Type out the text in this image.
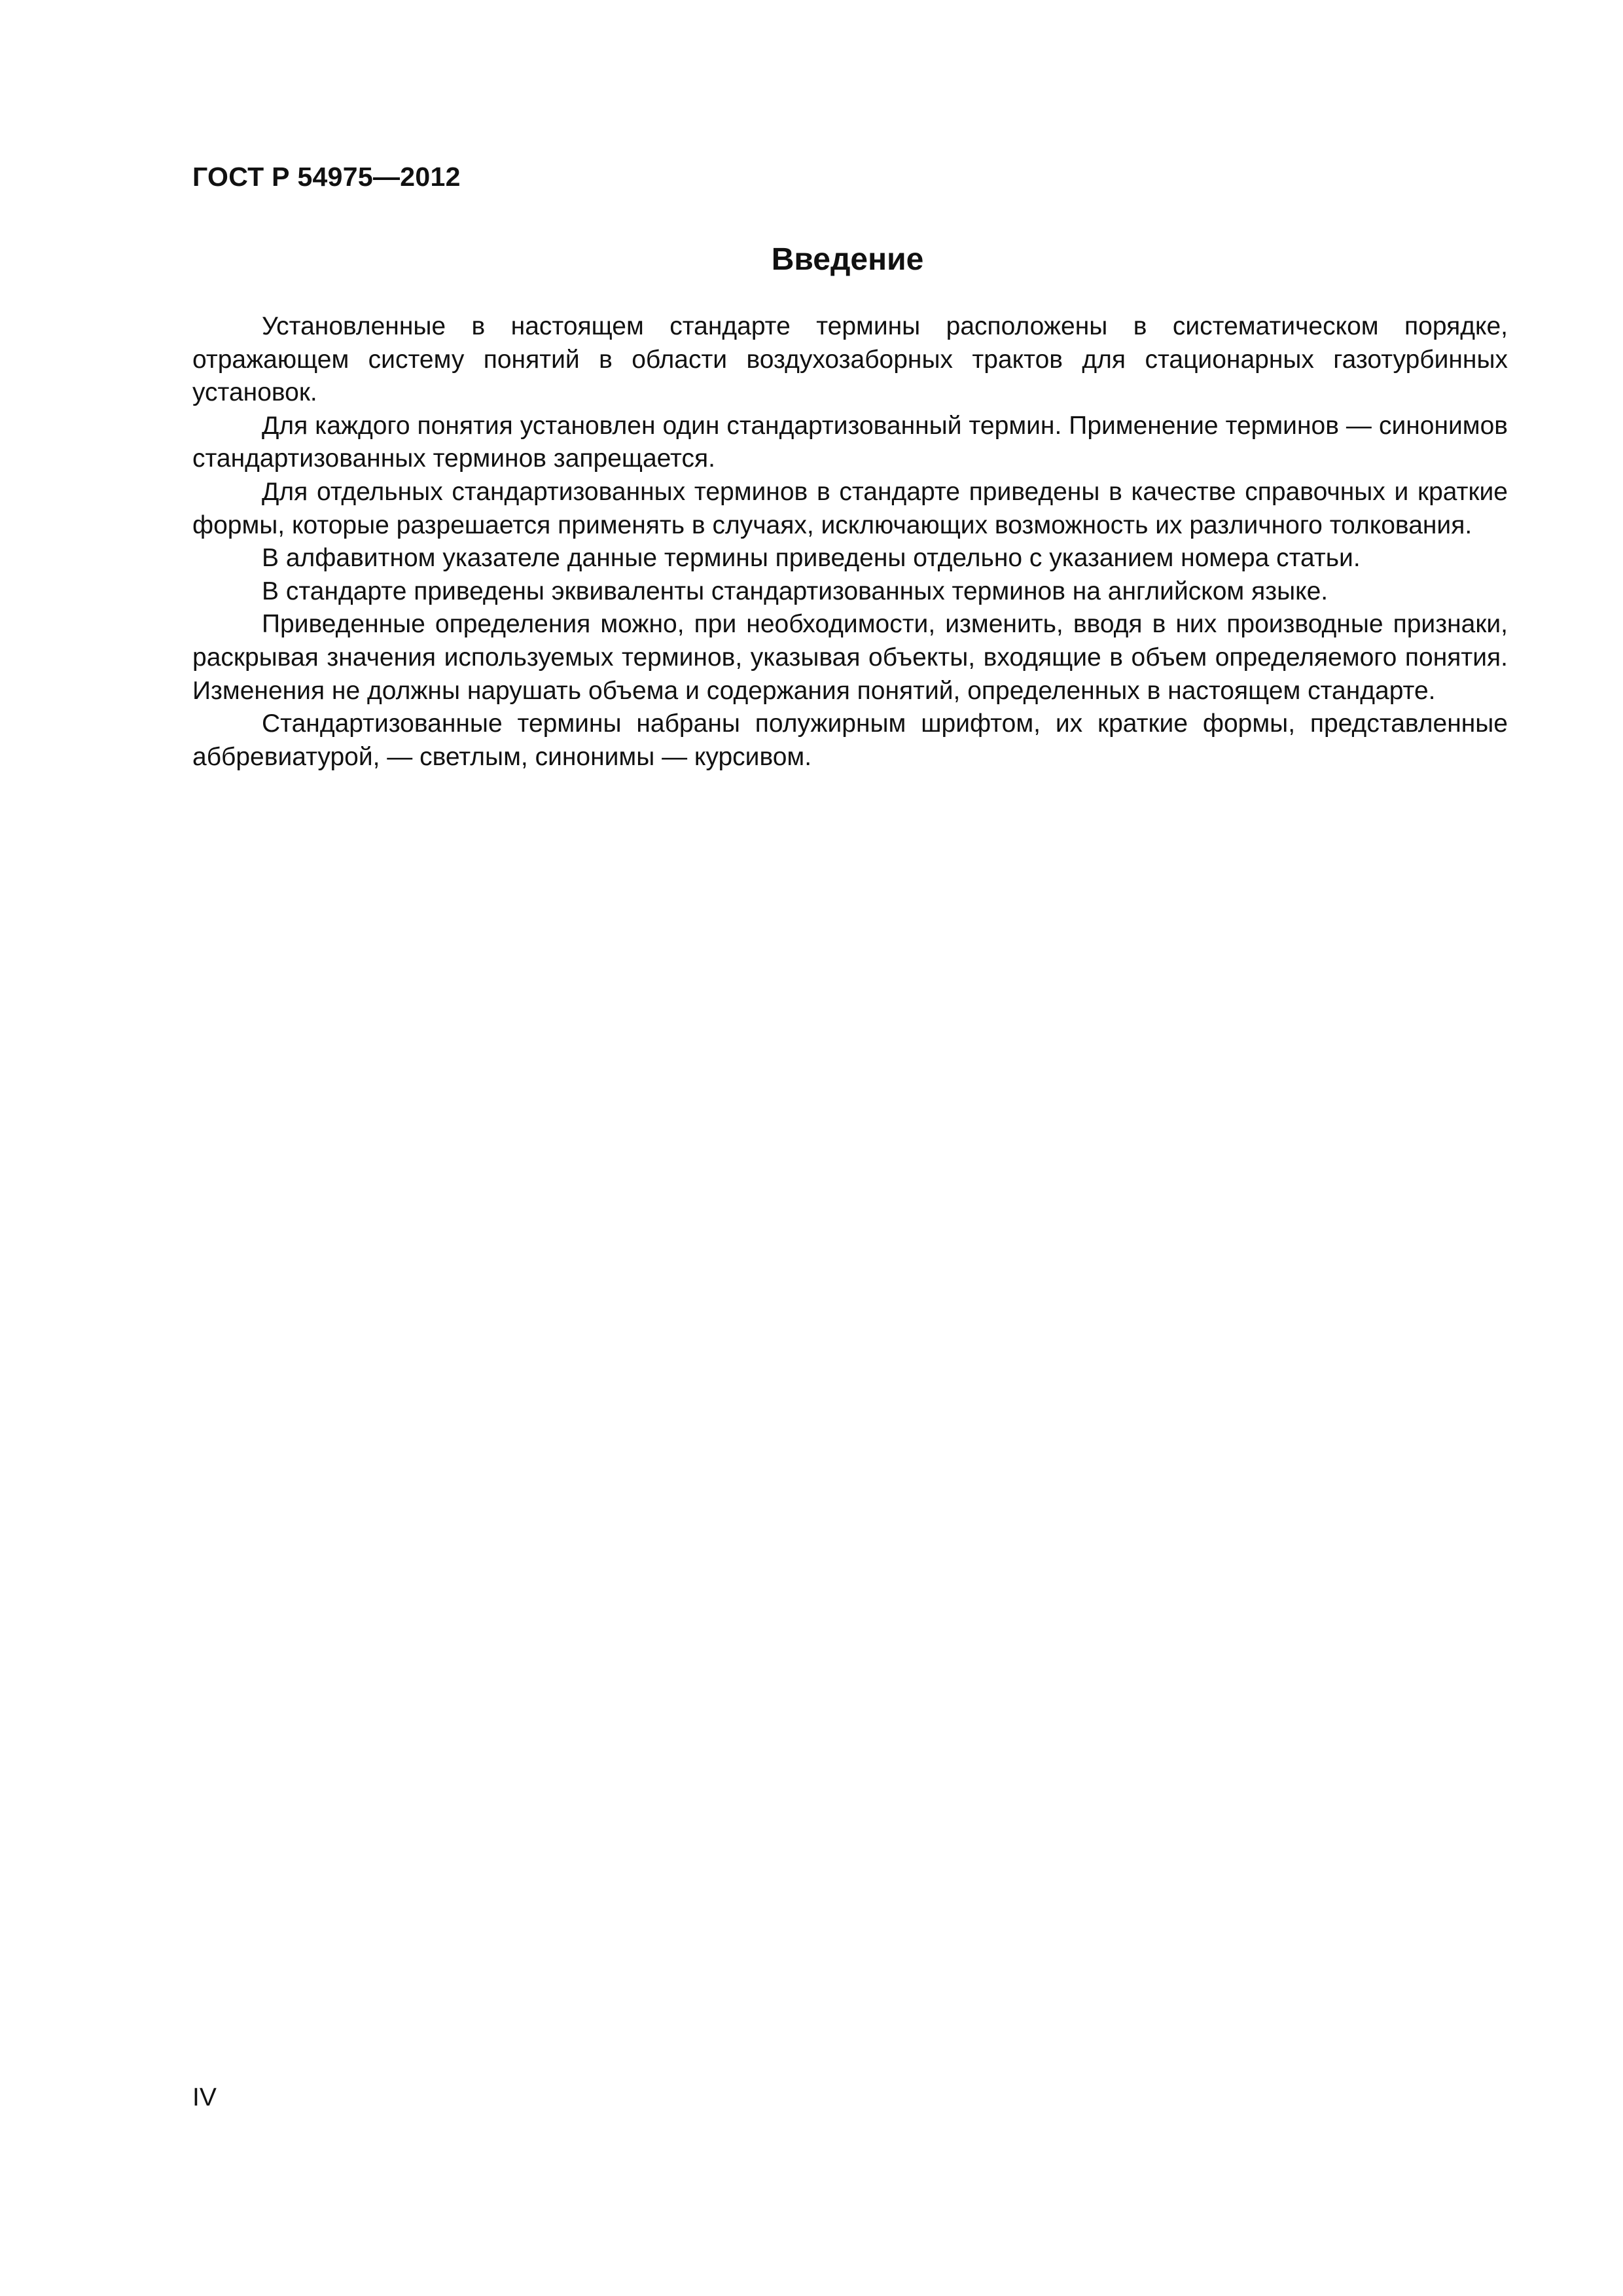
ГОСТ Р 54975—2012
Введение

Установленные в настоящем стандарте термины расположены в систематическом порядке, отражающем систему понятий в области воздухозаборных трактов для стационарных газотурбинных установок.

Для каждого понятия установлен один стандартизованный термин. Применение терминов — синонимов стандартизованных терминов запрещается.

Для отдельных стандартизованных терминов в стандарте приведены в качестве справочных и краткие формы, которые разрешается применять в случаях, исключающих возможность их различного толкования.

В алфавитном указателе данные термины приведены отдельно с указанием номера статьи.

В стандарте приведены эквиваленты стандартизованных терминов на английском языке.

Приведенные определения можно, при необходимости, изменить, вводя в них производные признаки, раскрывая значения используемых терминов, указывая объекты, входящие в объем определяемого понятия. Изменения не должны нарушать объема и содержания понятий, определенных в настоящем стандарте.

Стандартизованные термины набраны полужирным шрифтом, их краткие формы, представленные аббревиатурой, — светлым, синонимы — курсивом.

IV
